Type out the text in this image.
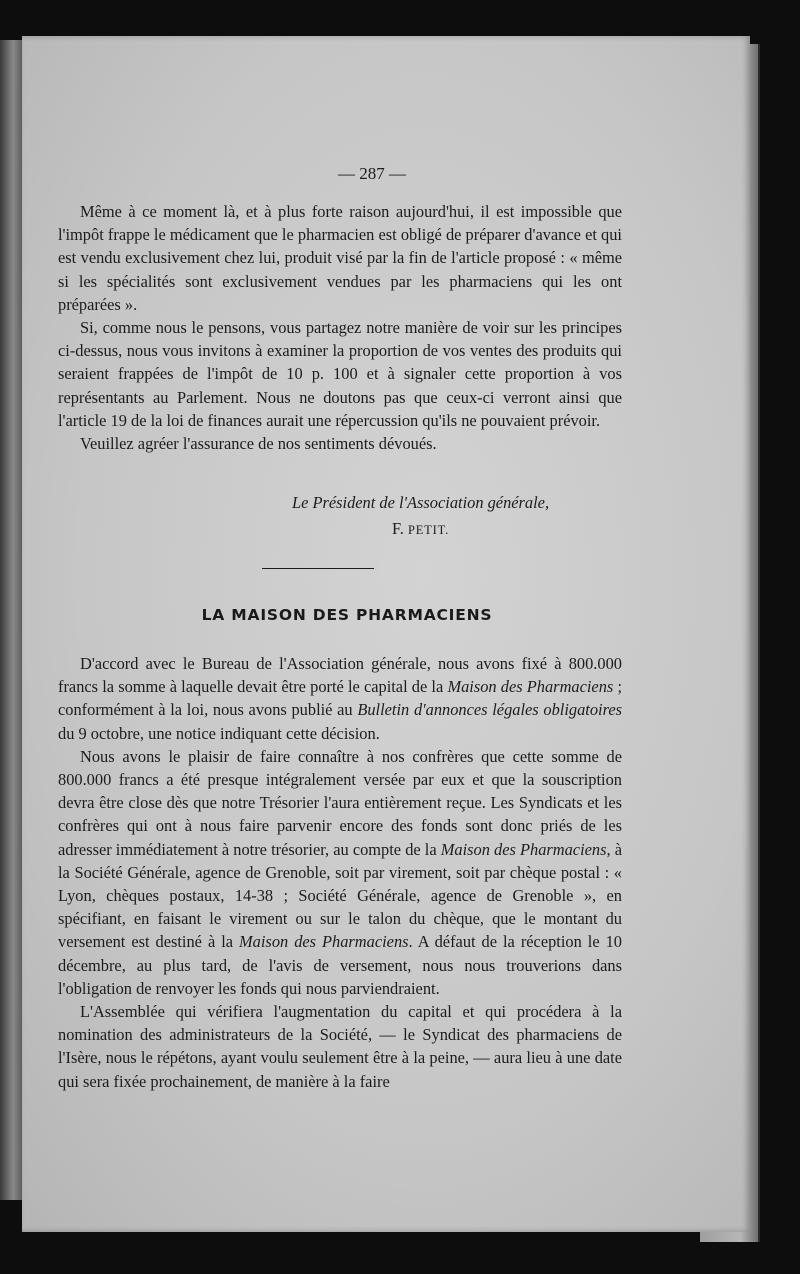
— 287 —

Même à ce moment là, et à plus forte raison aujourd'hui, il est impossible que l'impôt frappe le médicament que le pharmacien est obligé de préparer d'avance et qui est vendu exclusivement chez lui, produit visé par la fin de l'article proposé : « même si les spécialités sont exclusivement vendues par les pharmaciens qui les ont préparées ».

Si, comme nous le pensons, vous partagez notre manière de voir sur les principes ci-dessus, nous vous invitons à examiner la proportion de vos ventes des produits qui seraient frappées de l'impôt de 10 p. 100 et à signaler cette proportion à vos représentants au Parlement. Nous ne doutons pas que ceux-ci verront ainsi que l'article 19 de la loi de finances aurait une répercussion qu'ils ne pouvaient prévoir.

Veuillez agréer l'assurance de nos sentiments dévoués.

Le Président de l'Association générale,
F. PETIT.
LA MAISON DES PHARMACIENS

D'accord avec le Bureau de l'Association générale, nous avons fixé à 800.000 francs la somme à laquelle devait être porté le capital de la Maison des Pharmaciens ; conformément à la loi, nous avons publié au Bulletin d'annonces légales obligatoires du 9 octobre, une notice indiquant cette décision.

Nous avons le plaisir de faire connaître à nos confrères que cette somme de 800.000 francs a été presque intégralement versée par eux et que la souscription devra être close dès que notre Trésorier l'aura entièrement reçue. Les Syndicats et les confrères qui ont à nous faire parvenir encore des fonds sont donc priés de les adresser immédiatement à notre trésorier, au compte de la Maison des Pharmaciens, à la Société Générale, agence de Grenoble, soit par virement, soit par chèque postal : « Lyon, chèques postaux, 14-38 ; Société Générale, agence de Grenoble », en spécifiant, en faisant le virement ou sur le talon du chèque, que le montant du versement est destiné à la Maison des Pharmaciens. A défaut de la réception le 10 décembre, au plus tard, de l'avis de versement, nous nous trouverions dans l'obligation de renvoyer les fonds qui nous parviendraient.

L'Assemblée qui vérifiera l'augmentation du capital et qui procédera à la nomination des administrateurs de la Société, — le Syndicat des pharmaciens de l'Isère, nous le répétons, ayant voulu seulement être à la peine, — aura lieu à une date qui sera fixée prochainement, de manière à la faire
